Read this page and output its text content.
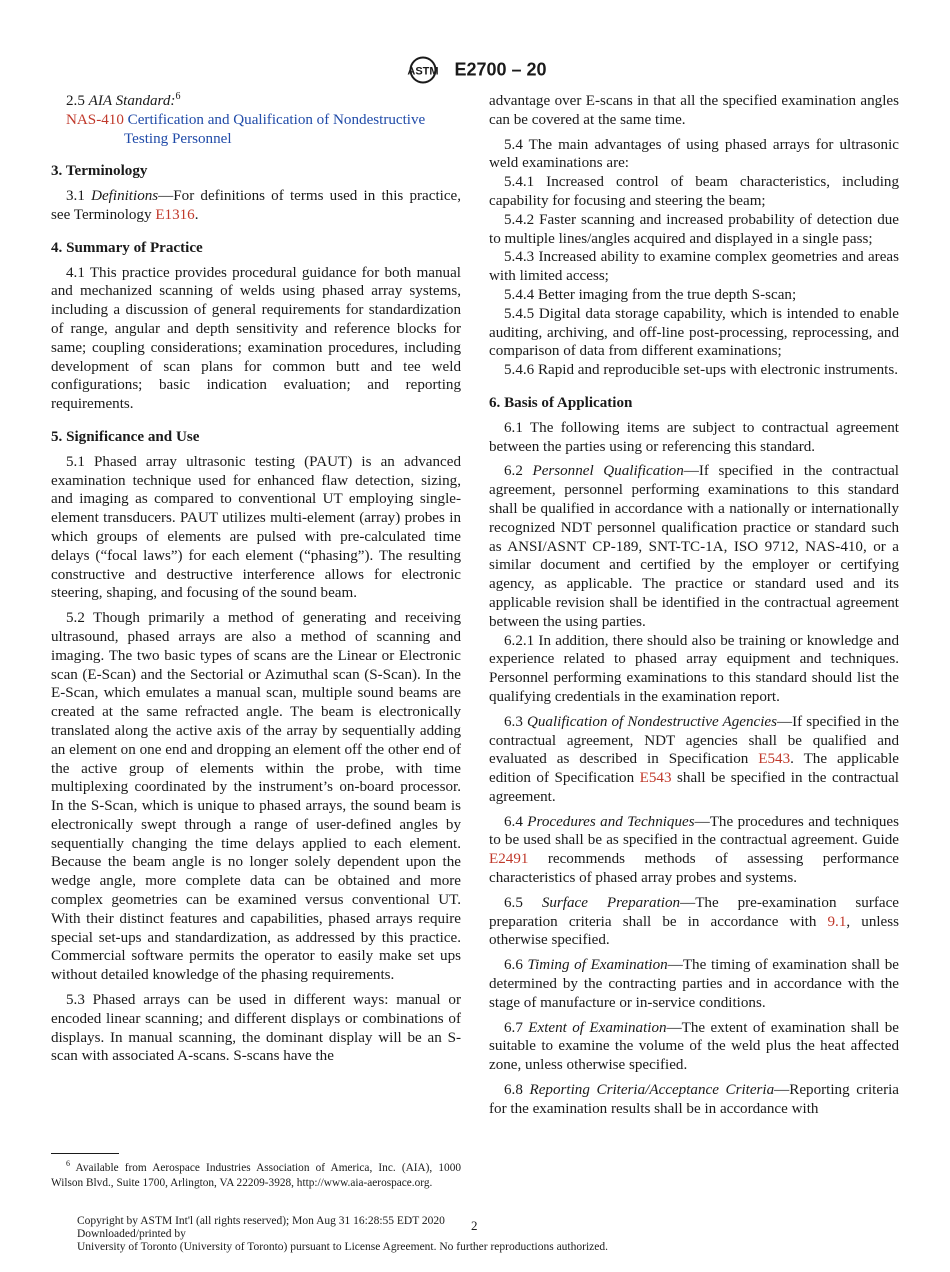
ASTM E2700 – 20

2.5 AIA Standard:$^6$

NAS-410 Certification and Qualification of Nondestructive
Testing Personnel

3. Terminology

3.1 Definitions—For definitions of terms used in this practice, see Terminology E1316.

4. Summary of Practice

4.1 This practice provides procedural guidance for both manual and mechanized scanning of welds using phased array systems, including a discussion of general requirements for standardization of range, angular and depth sensitivity and reference blocks for same; coupling considerations; examination procedures, including development of scan plans for common butt and tee weld configurations; basic indication evaluation; and reporting requirements.

5. Significance and Use

5.1 Phased array ultrasonic testing (PAUT) is an advanced examination technique used for enhanced flaw detection, sizing, and imaging as compared to conventional UT employing single-element transducers. PAUT utilizes multi-element (array) probes in which groups of elements are pulsed with pre-calculated time delays (“focal laws”) for each element (“phasing”). The resulting constructive and destructive interference allows for electronic steering, shaping, and focusing of the sound beam.

5.2 Though primarily a method of generating and receiving ultrasound, phased arrays are also a method of scanning and imaging. The two basic types of scans are the Linear or Electronic scan (E-Scan) and the Sectorial or Azimuthal scan (S-Scan). In the E-Scan, which emulates a manual scan, multiple sound beams are created at the same refracted angle. The beam is electronically translated along the active axis of the array by sequentially adding an element on one end and dropping an element off the other end of the active group of elements within the probe, with time multiplexing coordinated by the instrument’s on-board processor. In the S-Scan, which is unique to phased arrays, the sound beam is electronically swept through a range of user-defined angles by sequentially changing the time delays applied to each element. Because the beam angle is no longer solely dependent upon the wedge angle, more complete data can be obtained and more complex geometries can be examined versus conventional UT. With their distinct features and capabilities, phased arrays require special set-ups and standardization, as addressed by this practice. Commercial software permits the operator to easily make set ups without detailed knowledge of the phasing requirements.

5.3 Phased arrays can be used in different ways: manual or encoded linear scanning; and different displays or combinations of displays. In manual scanning, the dominant display will be an S-scan with associated A-scans. S-scans have the

advantage over E-scans in that all the specified examination angles can be covered at the same time.

5.4 The main advantages of using phased arrays for ultrasonic weld examinations are:

5.4.1 Increased control of beam characteristics, including capability for focusing and steering the beam;

5.4.2 Faster scanning and increased probability of detection due to multiple lines/angles acquired and displayed in a single pass;

5.4.3 Increased ability to examine complex geometries and areas with limited access;

5.4.4 Better imaging from the true depth S-scan;

5.4.5 Digital data storage capability, which is intended to enable auditing, archiving, and off-line post-processing, reprocessing, and comparison of data from different examinations;

5.4.6 Rapid and reproducible set-ups with electronic instruments.

6. Basis of Application

6.1 The following items are subject to contractual agreement between the parties using or referencing this standard.

6.2 Personnel Qualification—If specified in the contractual agreement, personnel performing examinations to this standard shall be qualified in accordance with a nationally or internationally recognized NDT personnel qualification practice or standard such as ANSI/ASNT CP-189, SNT-TC-1A, ISO 9712, NAS-410, or a similar document and certified by the employer or certifying agency, as applicable. The practice or standard used and its applicable revision shall be identified in the contractual agreement between the using parties.

6.2.1 In addition, there should also be training or knowledge and experience related to phased array equipment and techniques. Personnel performing examinations to this standard should list the qualifying credentials in the examination report.

6.3 Qualification of Nondestructive Agencies—If specified in the contractual agreement, NDT agencies shall be qualified and evaluated as described in Specification E543. The applicable edition of Specification E543 shall be specified in the contractual agreement.

6.4 Procedures and Techniques—The procedures and techniques to be used shall be as specified in the contractual agreement. Guide E2491 recommends methods of assessing performance characteristics of phased array probes and systems.

6.5 Surface Preparation—The pre-examination surface preparation criteria shall be in accordance with 9.1, unless otherwise specified.

6.6 Timing of Examination—The timing of examination shall be determined by the contracting parties and in accordance with the stage of manufacture or in-service conditions.

6.7 Extent of Examination—The extent of examination shall be suitable to examine the volume of the weld plus the heat affected zone, unless otherwise specified.

6.8 Reporting Criteria/Acceptance Criteria—Reporting criteria for the examination results shall be in accordance with

$^6$ Available from Aerospace Industries Association of America, Inc. (AIA), 1000 Wilson Blvd., Suite 1700, Arlington, VA 22209-3928, http://www.aia-aerospace.org.
Copyright by ASTM Int'l (all rights reserved); Mon Aug 31 16:28:55 EDT 2020
Downloaded/printed by
University of Toronto (University of Toronto) pursuant to License Agreement. No further reproductions authorized.
2
